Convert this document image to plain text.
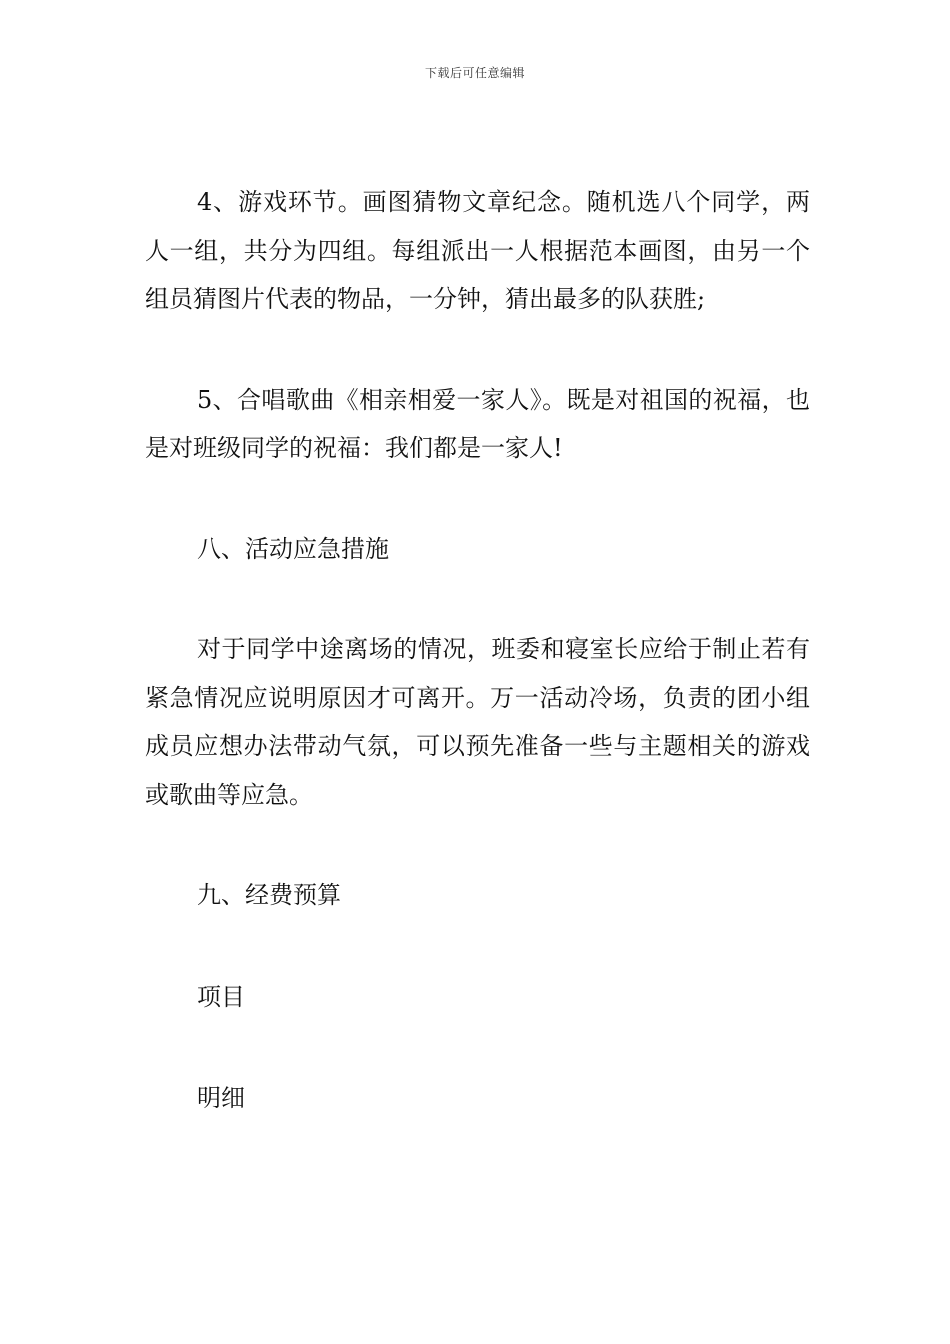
下载后可任意编辑

4、游戏环节。画图猜物文章纪念。随机选八个同学，两人一组，共分为四组。每组派出一人根据范本画图，由另一个组员猜图片代表的物品，一分钟，猜出最多的队获胜;

5、合唱歌曲《相亲相爱一家人》。既是对祖国的祝福，也是对班级同学的祝福：我们都是一家人!

八、活动应急措施

对于同学中途离场的情况，班委和寝室长应给于制止若有紧急情况应说明原因才可离开。万一活动冷场，负责的团小组成员应想办法带动气氛，可以预先准备一些与主题相关的游戏或歌曲等应急。

九、经费预算

项目

明细
